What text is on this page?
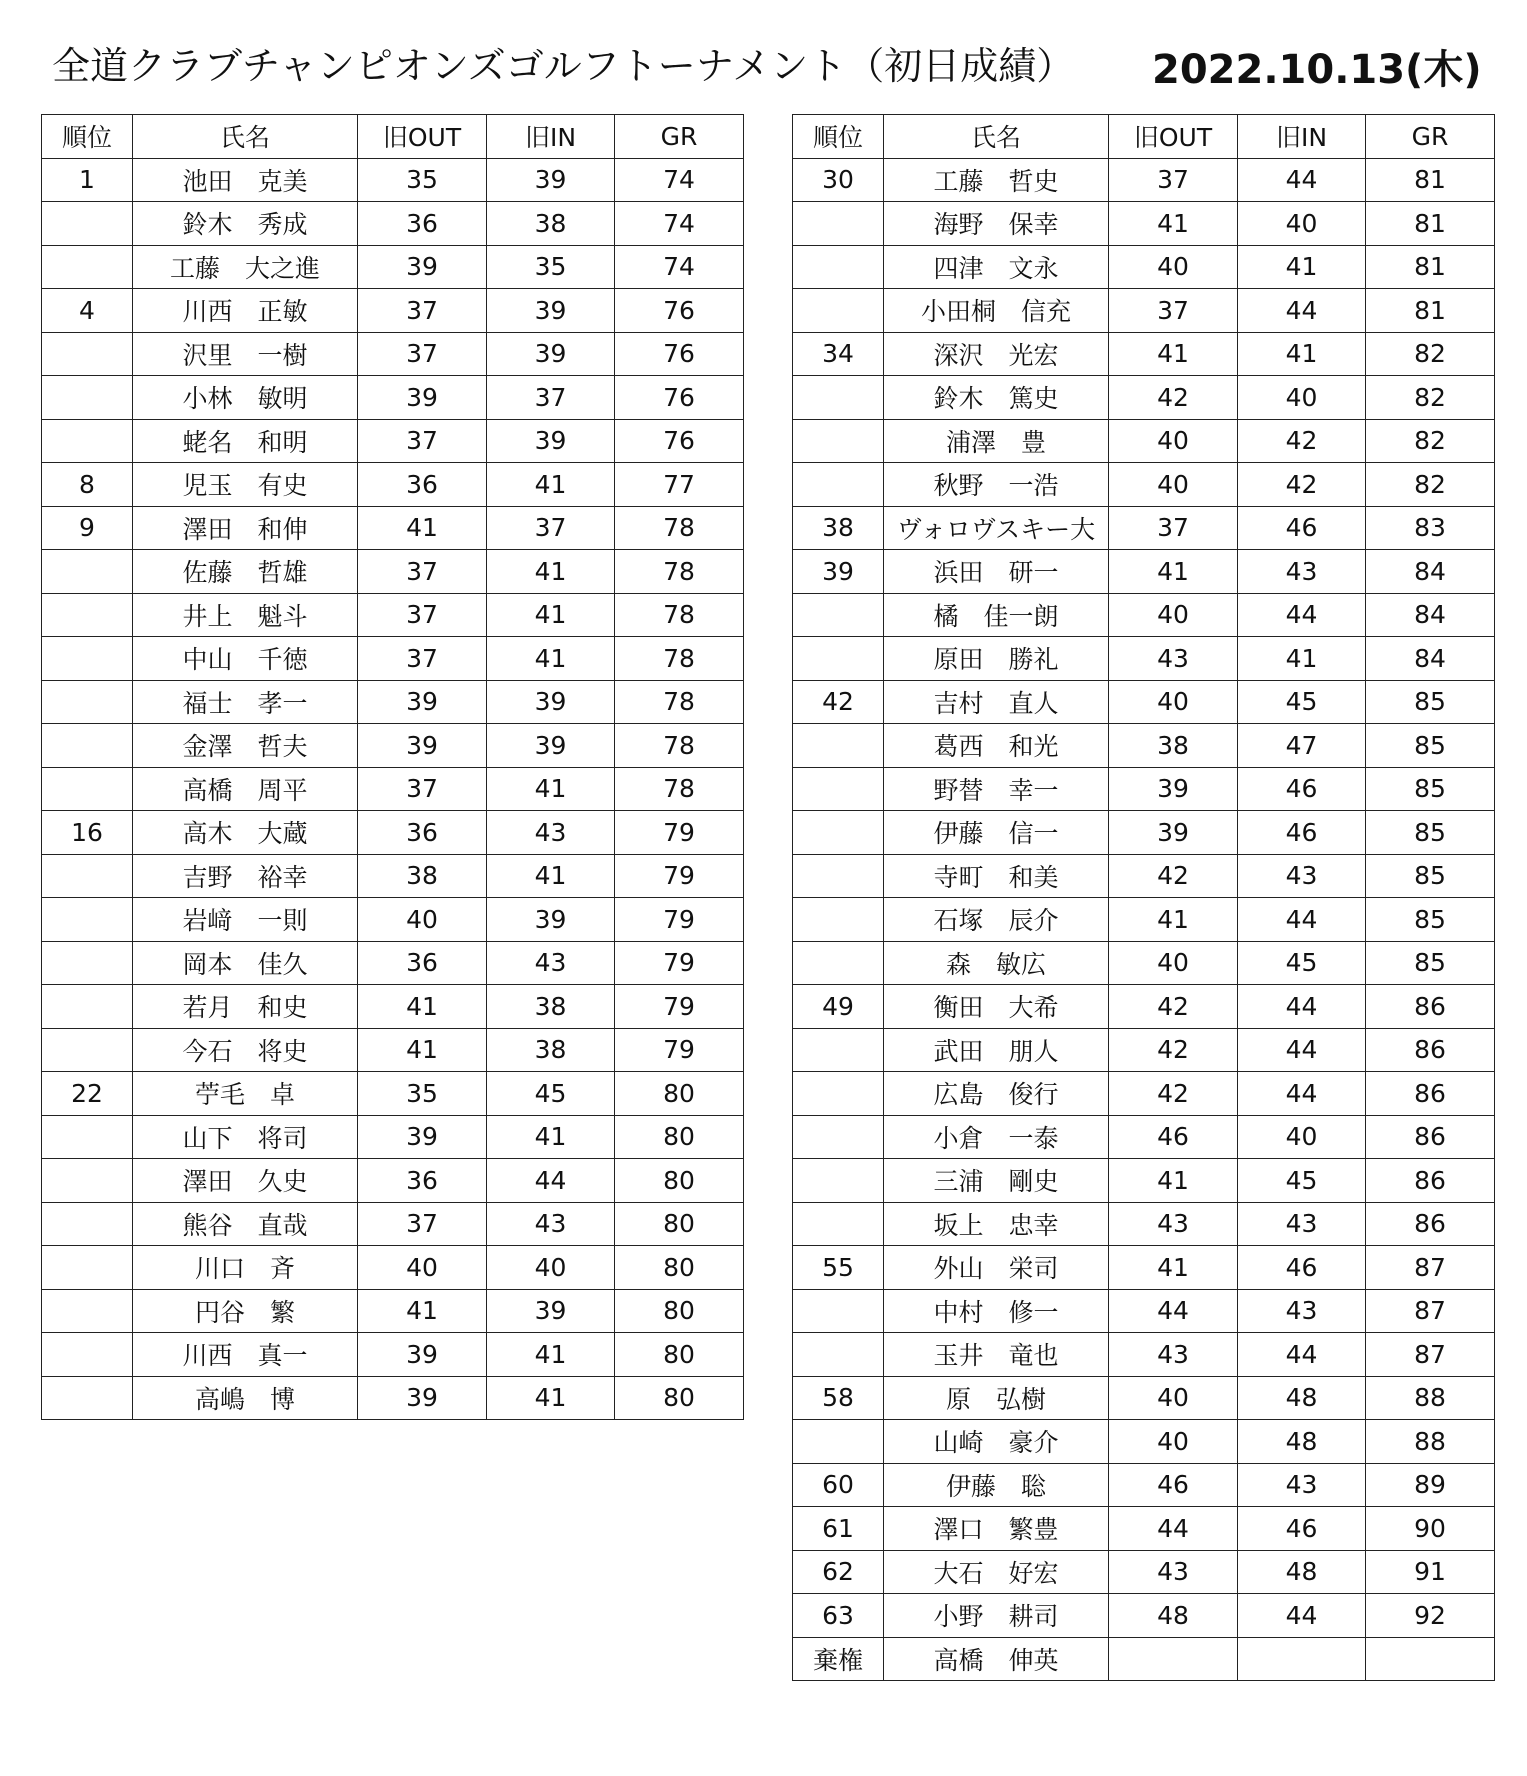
全道クラブチャンピオンズゴルフトーナメント（初日成績） 2022.10.13(木)
順位	氏名	旧OUT	旧IN	GR
1	池田　克美	35	39	74
	鈴木　秀成	36	38	74
	工藤　大之進	39	35	74
4	川西　正敏	37	39	76
	沢里　一樹	37	39	76
	小林　敏明	39	37	76
	蛯名　和明	37	39	76
8	児玉　有史	36	41	77
9	澤田　和伸	41	37	78
	佐藤　哲雄	37	41	78
	井上　魁斗	37	41	78
	中山　千徳	37	41	78
	福士　孝一	39	39	78
	金澤　哲夫	39	39	78
	高橋　周平	37	41	78
16	高木　大蔵	36	43	79
	吉野　裕幸	38	41	79
	岩﨑　一則	40	39	79
	岡本　佳久	36	43	79
	若月　和史	41	38	79
	今石　将史	41	38	79
22	苧毛　卓	35	45	80
	山下　将司	39	41	80
	澤田　久史	36	44	80
	熊谷　直哉	37	43	80
	川口　斉	40	40	80
	円谷　繁	41	39	80
	川西　真一	39	41	80
	高嶋　博	39	41	80
順位	氏名	旧OUT	旧IN	GR
30	工藤　哲史	37	44	81
	海野　保幸	41	40	81
	四津　文永	40	41	81
	小田桐　信充	37	44	81
34	深沢　光宏	41	41	82
	鈴木　篤史	42	40	82
	浦澤　豊	40	42	82
	秋野　一浩	40	42	82
38	ヴォロヴスキー大	37	46	83
39	浜田　研一	41	43	84
	橘　佳一朗	40	44	84
	原田　勝礼	43	41	84
42	吉村　直人	40	45	85
	葛西　和光	38	47	85
	野替　幸一	39	46	85
	伊藤　信一	39	46	85
	寺町　和美	42	43	85
	石塚　辰介	41	44	85
	森　敏広	40	45	85
49	衡田　大希	42	44	86
	武田　朋人	42	44	86
	広島　俊行	42	44	86
	小倉　一泰	46	40	86
	三浦　剛史	41	45	86
	坂上　忠幸	43	43	86
55	外山　栄司	41	46	87
	中村　修一	44	43	87
	玉井　竜也	43	44	87
58	原　弘樹	40	48	88
	山崎　豪介	40	48	88
60	伊藤　聡	46	43	89
61	澤口　繁豊	44	46	90
62	大石　好宏	43	48	91
63	小野　耕司	48	44	92
棄権	高橋　伸英			
